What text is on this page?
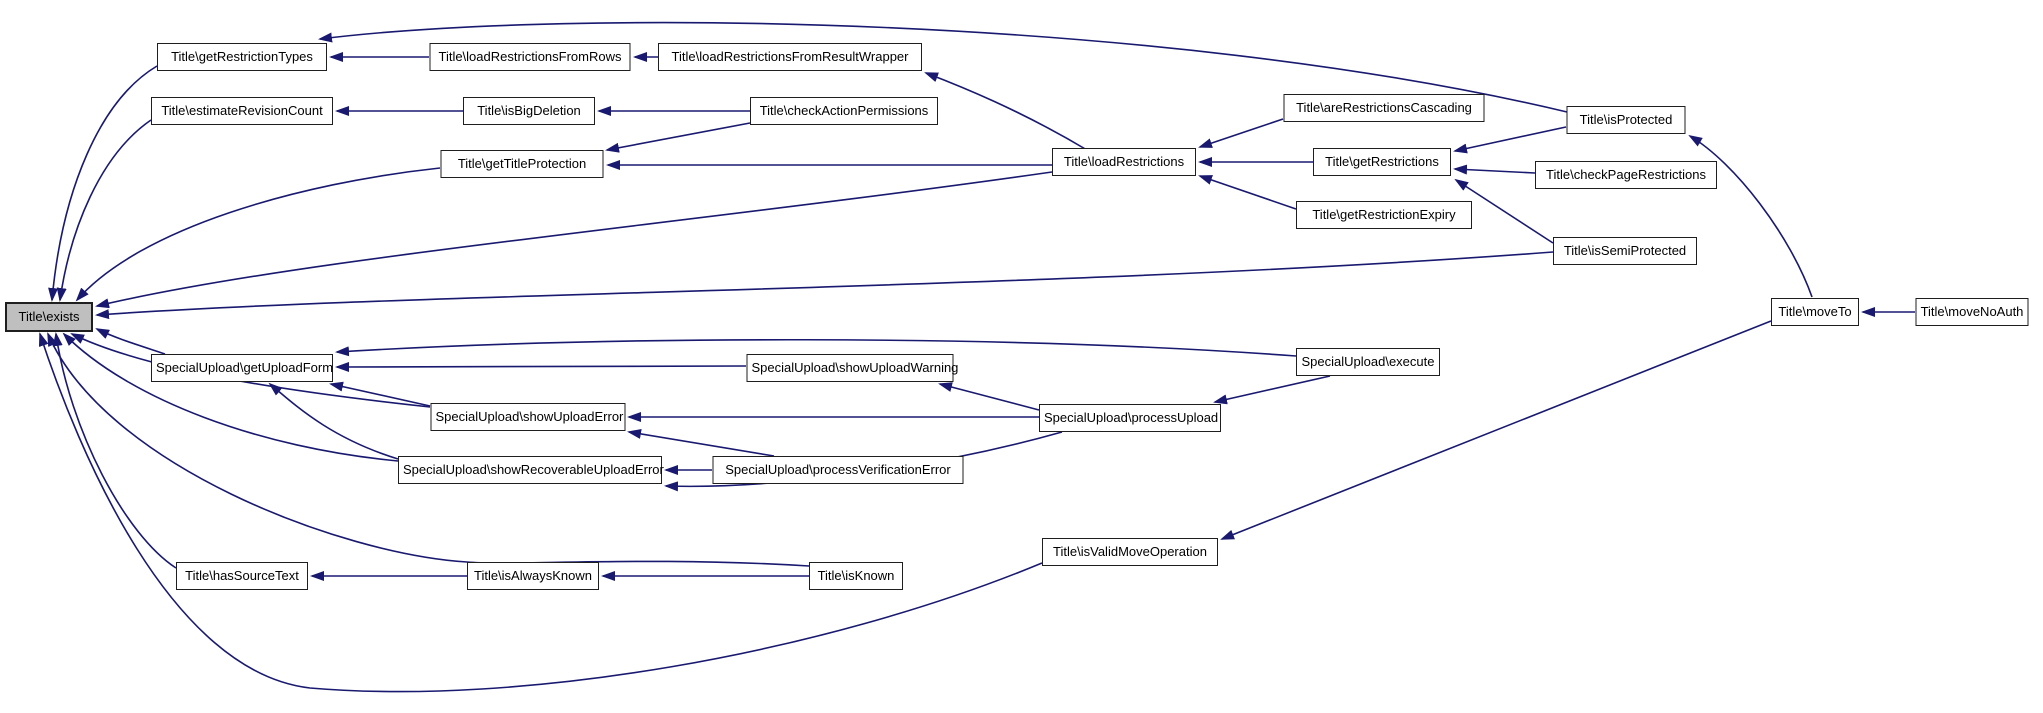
Title\exists
Title\getRestrictionTypes	Title\loadRestrictionsFromRows	Title\loadRestrictionsFromResultWrapper
Title\estimateRevisionCount	Title\isBigDeletion	Title\checkActionPermissions
Title\getTitleProtection	Title\loadRestrictions
Title\areRestrictionsCascading
Title\getRestrictions
Title\getRestrictionExpiry
Title\isProtected
Title\checkPageRestrictions
Title\isSemiProtected
Title\moveTo	Title\moveNoAuth
SpecialUpload\getUploadForm	SpecialUpload\showUploadWarning	SpecialUpload\execute
SpecialUpload\showUploadError	SpecialUpload\processUpload
SpecialUpload\showRecoverableUploadError	SpecialUpload\processVerificationError
Title\isValidMoveOperation
Title\hasSourceText	Title\isAlwaysKnown	Title\isKnown
